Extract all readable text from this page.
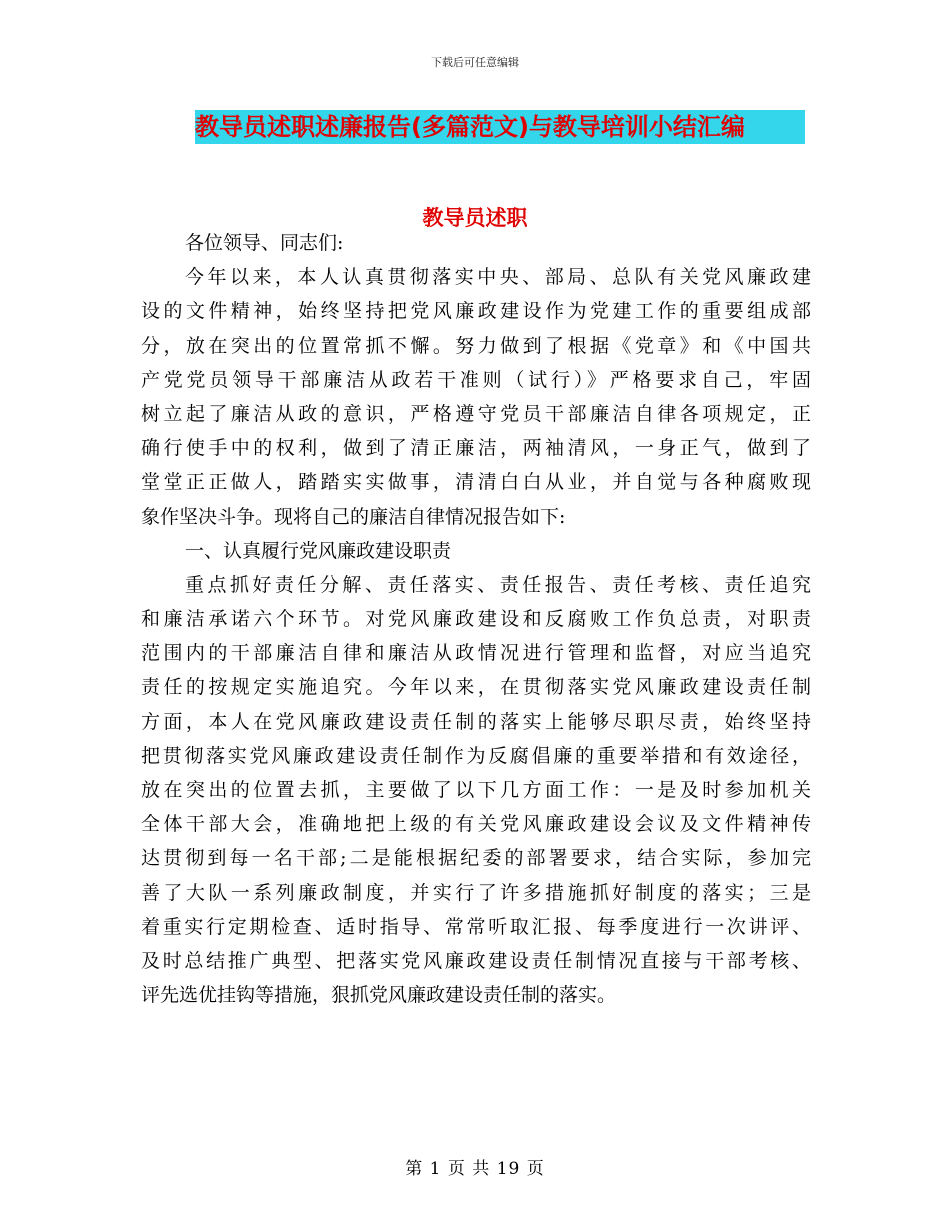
下载后可任意编辑
教导员述职述廉报告(多篇范文)与教导培训小结汇编
教导员述职
各位领导、同志们:
今年以来，本人认真贯彻落实中央、部局、总队有关党风廉政建
设的文件精神，始终坚持把党风廉政建设作为党建工作的重要组成部
分，放在突出的位置常抓不懈。努力做到了根据《党章》和《中国共
产党党员领导干部廉洁从政若干准则（试行）》严格要求自己，牢固
树立起了廉洁从政的意识，严格遵守党员干部廉洁自律各项规定，正
确行使手中的权利，做到了清正廉洁，两袖清风，一身正气，做到了
堂堂正正做人，踏踏实实做事，清清白白从业，并自觉与各种腐败现
象作坚决斗争。现将自己的廉洁自律情况报告如下:
一、认真履行党风廉政建设职责
重点抓好责任分解、责任落实、责任报告、责任考核、责任追究
和廉洁承诺六个环节。对党风廉政建设和反腐败工作负总责，对职责
范围内的干部廉洁自律和廉洁从政情况进行管理和监督，对应当追究
责任的按规定实施追究。今年以来，在贯彻落实党风廉政建设责任制
方面，本人在党风廉政建设责任制的落实上能够尽职尽责，始终坚持
把贯彻落实党风廉政建设责任制作为反腐倡廉的重要举措和有效途径，
放在突出的位置去抓，主要做了以下几方面工作：一是及时参加机关
全体干部大会，准确地把上级的有关党风廉政建设会议及文件精神传
达贯彻到每一名干部;二是能根据纪委的部署要求，结合实际，参加完
善了大队一系列廉政制度，并实行了许多措施抓好制度的落实；三是
着重实行定期检查、适时指导、常常听取汇报、每季度进行一次讲评、
及时总结推广典型、把落实党风廉政建设责任制情况直接与干部考核、
评先选优挂钩等措施，狠抓党风廉政建设责任制的落实。
第 1 页 共 19 页
